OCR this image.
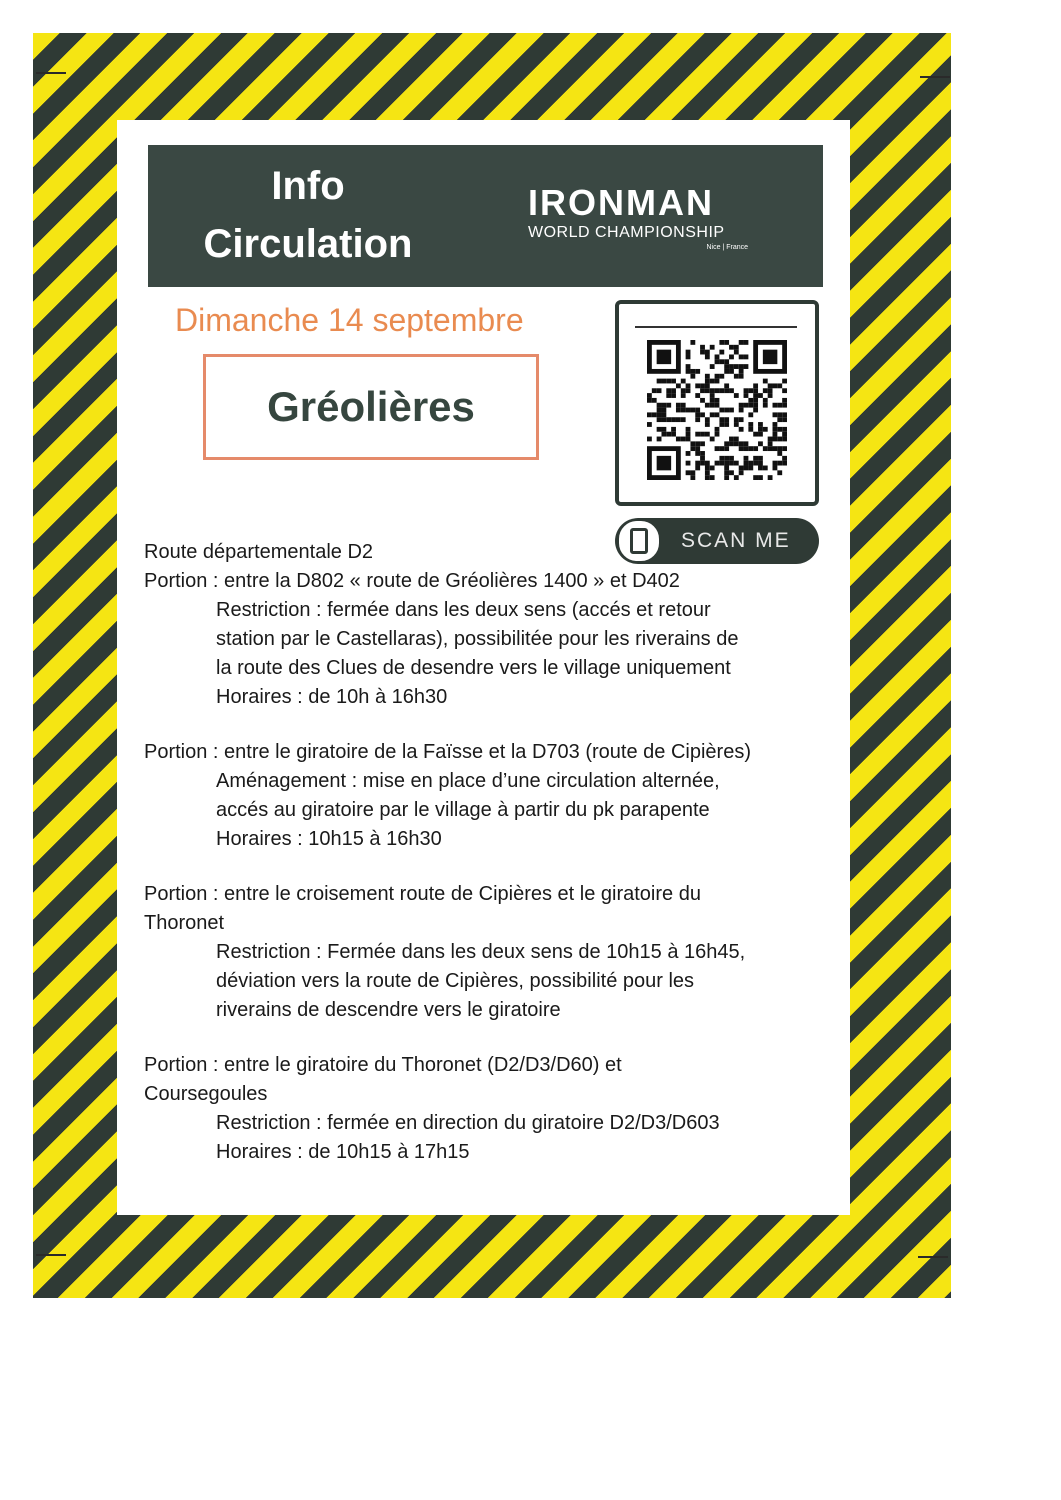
Info
Circulation
IRONMAN
WORLD CHAMPIONSHIP
Nice | France
Dimanche 14 septembre
Gréolières
SCAN ME

Route départementale D2

Portion : entre la D802 « route de Gréolières 1400 » et D402

Restriction : fermée dans les deux sens (accés et retour

station par le Castellaras), possibilitée pour les riverains de

la route des Clues de desendre vers le village uniquement

Horaires : de 10h à 16h30

Portion : entre le giratoire de la Faïsse et la D703 (route de Cipières)

Aménagement : mise en place d’une circulation alternée,

accés au giratoire par le village à partir du pk parapente

Horaires : 10h15 à 16h30

Portion : entre le croisement route de Cipières et le giratoire du

Thoronet

Restriction : Fermée dans les deux sens de 10h15 à 16h45,

déviation vers la route de Cipières, possibilité pour les

riverains de descendre vers le giratoire

Portion : entre le giratoire du Thoronet (D2/D3/D60) et

Coursegoules

Restriction : fermée en direction du giratoire D2/D3/D603

Horaires : de 10h15 à 17h15
